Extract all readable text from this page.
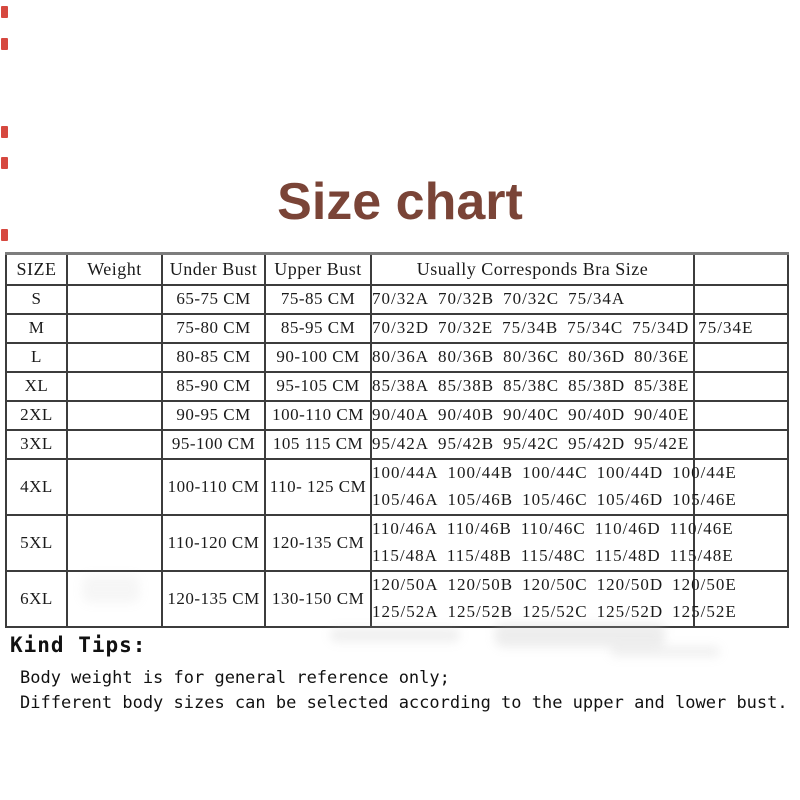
Size chart
SIZE	Weight	Under Bust	Upper Bust	Usually Corresponds Bra Size	
S		65-75 CM	75-85 CM	70/32A 70/32B 70/32C 75/34A	

M		75-80 CM	85-95 CM	70/32D 70/32E 75/34B 75/34C 75/34D 75/34E

L		80-85 CM	90-100 CM	80/36A 80/36B 80/36C 80/36D 80/36E	

XL		85-90 CM	95-105 CM	85/38A 85/38B 85/38C 85/38D 85/38E	

2XL		90-95 CM	100-110 CM	90/40A 90/40B 90/40C 90/40D 90/40E	

3XL		95-100 CM	105 115 CM	95/42A 95/42B 95/42C 95/42D 95/42E	

4XL		100-110 CM	110- 125 CM	
100/44A 100/44B 100/44C 100/44D 100/44E
105/46A 105/46B 105/46C 105/46D 105/46E

5XL		110-120 CM	120-135 CM	
110/46A 110/46B 110/46C 110/46D 110/46E
115/48A 115/48B 115/48C 115/48D 115/48E

6XL		120-135 CM	130-150 CM	
120/50A 120/50B 120/50C 120/50D 120/50E
125/52A 125/52B 125/52C 125/52D 125/52E

Kind Tips:
Body weight is for general reference only;
Different body sizes can be selected according to the upper and lower bust.
